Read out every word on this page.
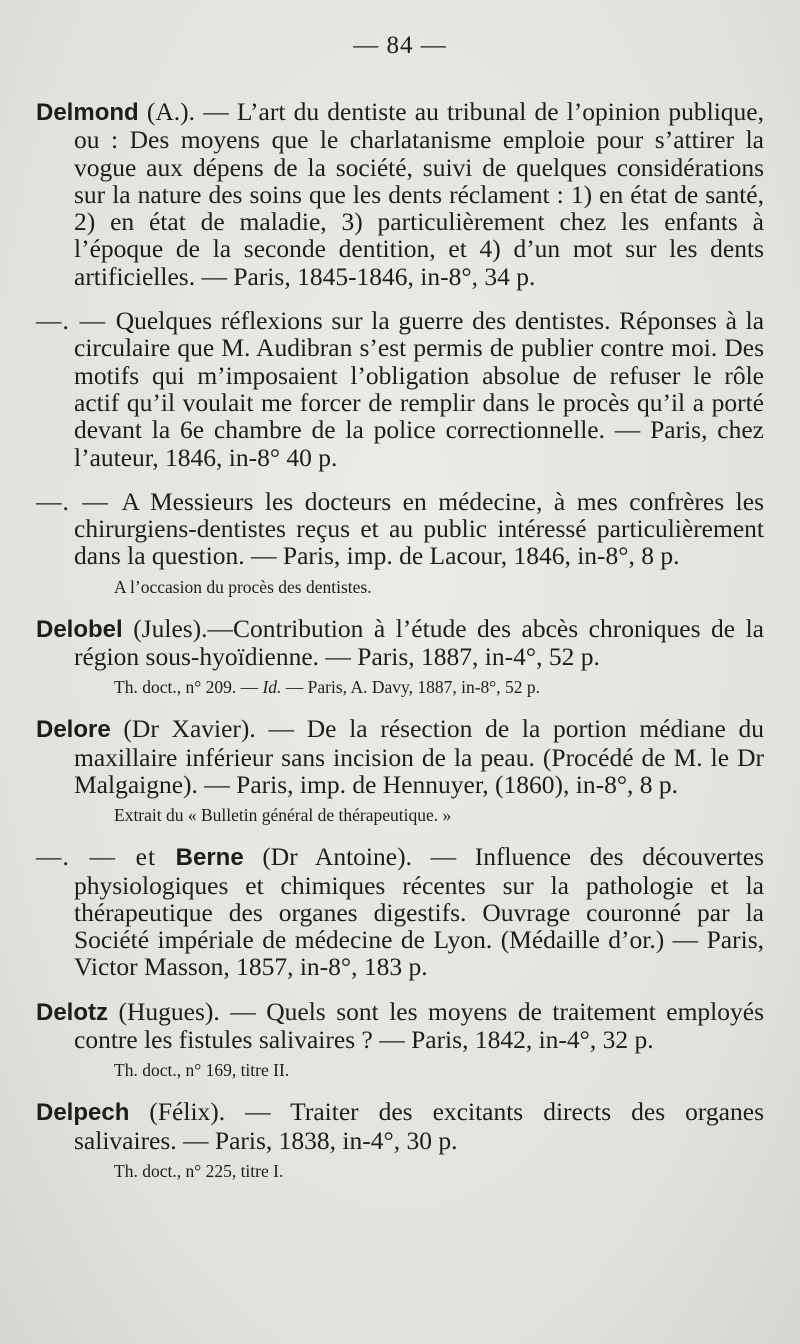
— 84 —

Delmond (A.). — L’art du dentiste au tribunal de l’opinion publique, ou : Des moyens que le charlatanisme emploie pour s’attirer la vogue aux dépens de la société, suivi de quelques considérations sur la nature des soins que les dents réclament : 1) en état de santé, 2) en état de maladie, 3) particulièrement chez les enfants à l’époque de la seconde dentition, et 4) d’un mot sur les dents artificielles. — Paris, 1845-1846, in-8°, 34 p.

—. — Quelques réflexions sur la guerre des dentistes. Réponses à la circulaire que M. Audibran s’est permis de publier contre moi. Des motifs qui m’imposaient l’obligation absolue de refuser le rôle actif qu’il voulait me forcer de remplir dans le procès qu’il a porté devant la 6e chambre de la police correctionnelle. — Paris, chez l’auteur, 1846, in-8° 40 p.

—. — A Messieurs les docteurs en médecine, à mes confrères les chirurgiens-dentistes reçus et au public intéressé particulièrement dans la question. — Paris, imp. de Lacour, 1846, in-8°, 8 p.

A l’occasion du procès des dentistes.

Delobel (Jules).—Contribution à l’étude des abcès chroniques de la région sous-hyoïdienne. — Paris, 1887, in-4°, 52 p.

Th. doct., n° 209. — Id. — Paris, A. Davy, 1887, in-8°, 52 p.

Delore (Dr Xavier). — De la résection de la portion médiane du maxillaire inférieur sans incision de la peau. (Procédé de M. le Dr Malgaigne). — Paris, imp. de Hennuyer, (1860), in-8°, 8 p.

Extrait du « Bulletin général de thérapeutique. »

—. — et Berne (Dr Antoine). — Influence des découvertes physiologiques et chimiques récentes sur la pathologie et la thérapeutique des organes digestifs. Ouvrage couronné par la Société impériale de médecine de Lyon. (Médaille d’or.) — Paris, Victor Masson, 1857, in-8°, 183 p.

Delotz (Hugues). — Quels sont les moyens de traitement employés contre les fistules salivaires ? — Paris, 1842, in-4°, 32 p.

Th. doct., n° 169, titre II.

Delpech (Félix). — Traiter des excitants directs des organes salivaires. — Paris, 1838, in-4°, 30 p.

Th. doct., n° 225, titre I.
